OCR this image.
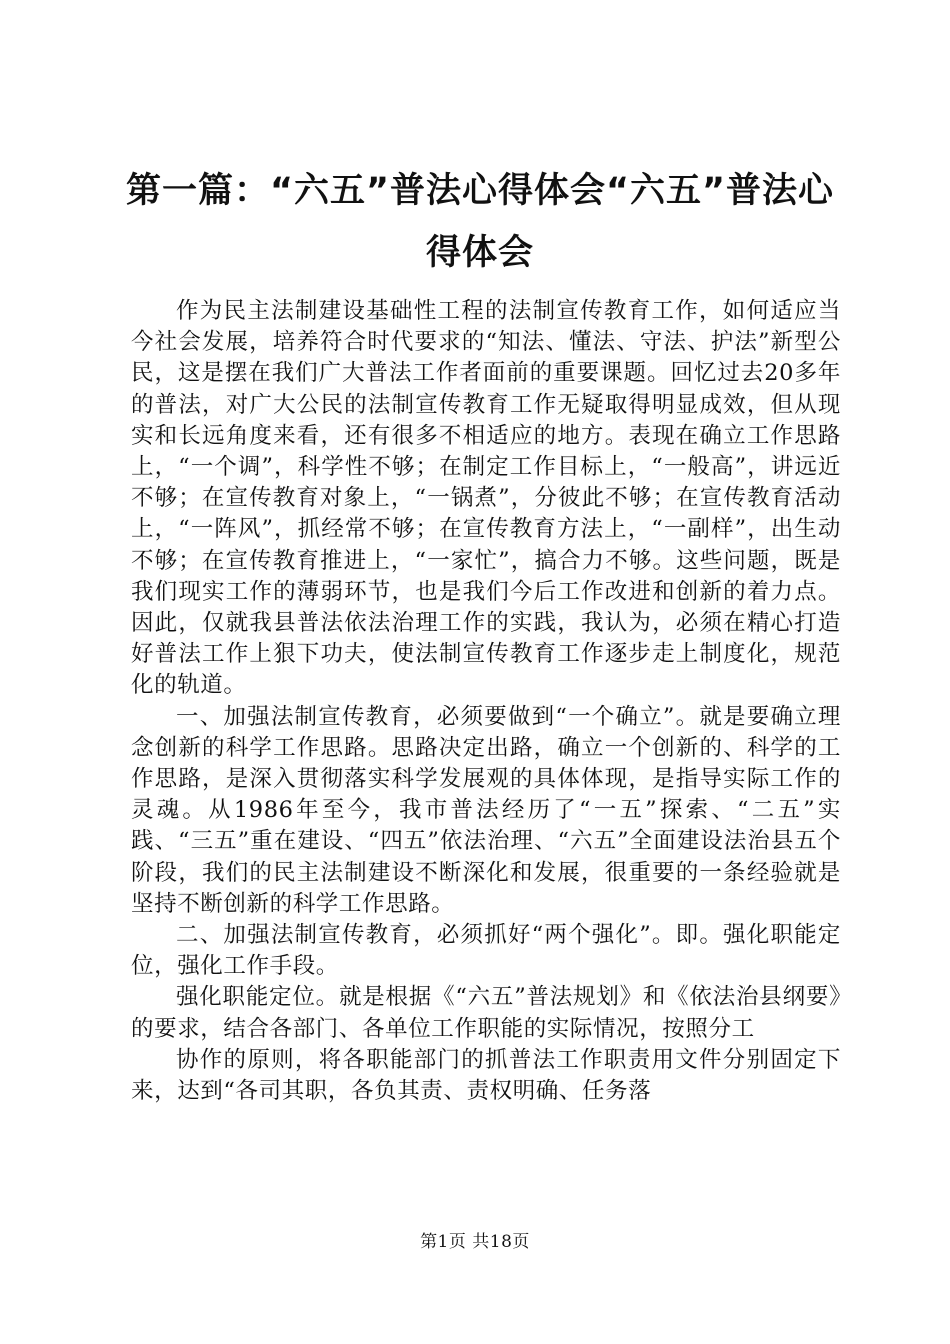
第一篇：“六五”普法心得体会“六五”普法心得体会

作为民主法制建设基础性工程的法制宣传教育工作，如何适应当今社会发展，培养符合时代要求的“知法、懂法、守法、护法”新型公民，这是摆在我们广大普法工作者面前的重要课题。回忆过去20多年的普法，对广大公民的法制宣传教育工作无疑取得明显成效，但从现实和长远角度来看，还有很多不相适应的地方。表现在确立工作思路上，“一个调”，科学性不够；在制定工作目标上，“一般高”，讲远近不够；在宣传教育对象上，“一锅煮”，分彼此不够；在宣传教育活动上，“一阵风”，抓经常不够；在宣传教育方法上，“一副样”，出生动不够；在宣传教育推进上，“一家忙”，搞合力不够。这些问题，既是我们现实工作的薄弱环节，也是我们今后工作改进和创新的着力点。因此，仅就我县普法依法治理工作的实践，我认为，必须在精心打造好普法工作上狠下功夫，使法制宣传教育工作逐步走上制度化，规范化的轨道。

一、加强法制宣传教育，必须要做到“一个确立”。就是要确立理念创新的科学工作思路。思路决定出路，确立一个创新的、科学的工作思路，是深入贯彻落实科学发展观的具体体现，是指导实际工作的灵魂。从1986年至今，我市普法经历了“一五”探索、“二五”实践、“三五”重在建设、“四五”依法治理、“六五”全面建设法治县五个阶段，我们的民主法制建设不断深化和发展，很重要的一条经验就是坚持不断创新的科学工作思路。

二、加强法制宣传教育，必须抓好“两个强化”。即。强化职能定位，强化工作手段。

强化职能定位。就是根据《“六五”普法规划》和《依法治县纲要》的要求，结合各部门、各单位工作职能的实际情况，按照分工

协作的原则，将各职能部门的抓普法工作职责用文件分别固定下来，达到“各司其职，各负其责、责权明确、任务落

第1页 共18页
